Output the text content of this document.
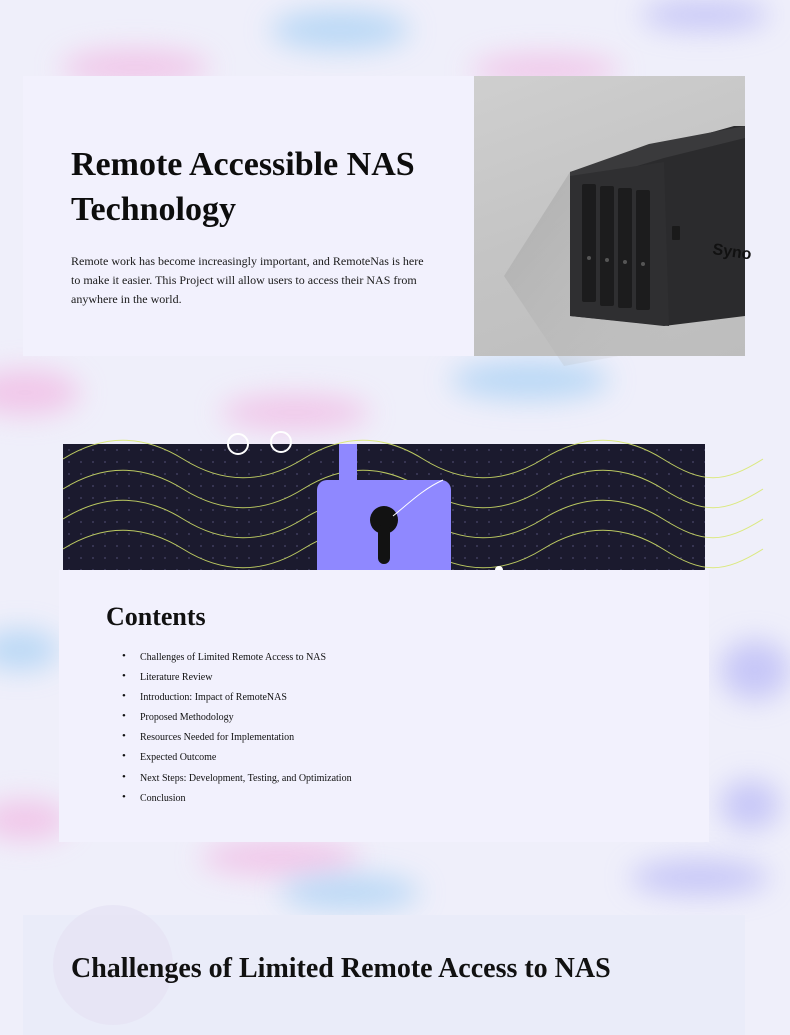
Remote Accessible NAS Technology

Remote work has become increasingly important, and RemoteNas is here to make it easier. This Project will allow users to access their NAS from anywhere in the world.

Syno
Contents
• Challenges of Limited Remote Access to NAS
• Literature Review
• Introduction: Impact of RemoteNAS
• Proposed Methodology
• Resources Needed for Implementation
• Expected Outcome
• Next Steps: Development, Testing, and Optimization
• Conclusion
Challenges of Limited Remote Access to NAS
